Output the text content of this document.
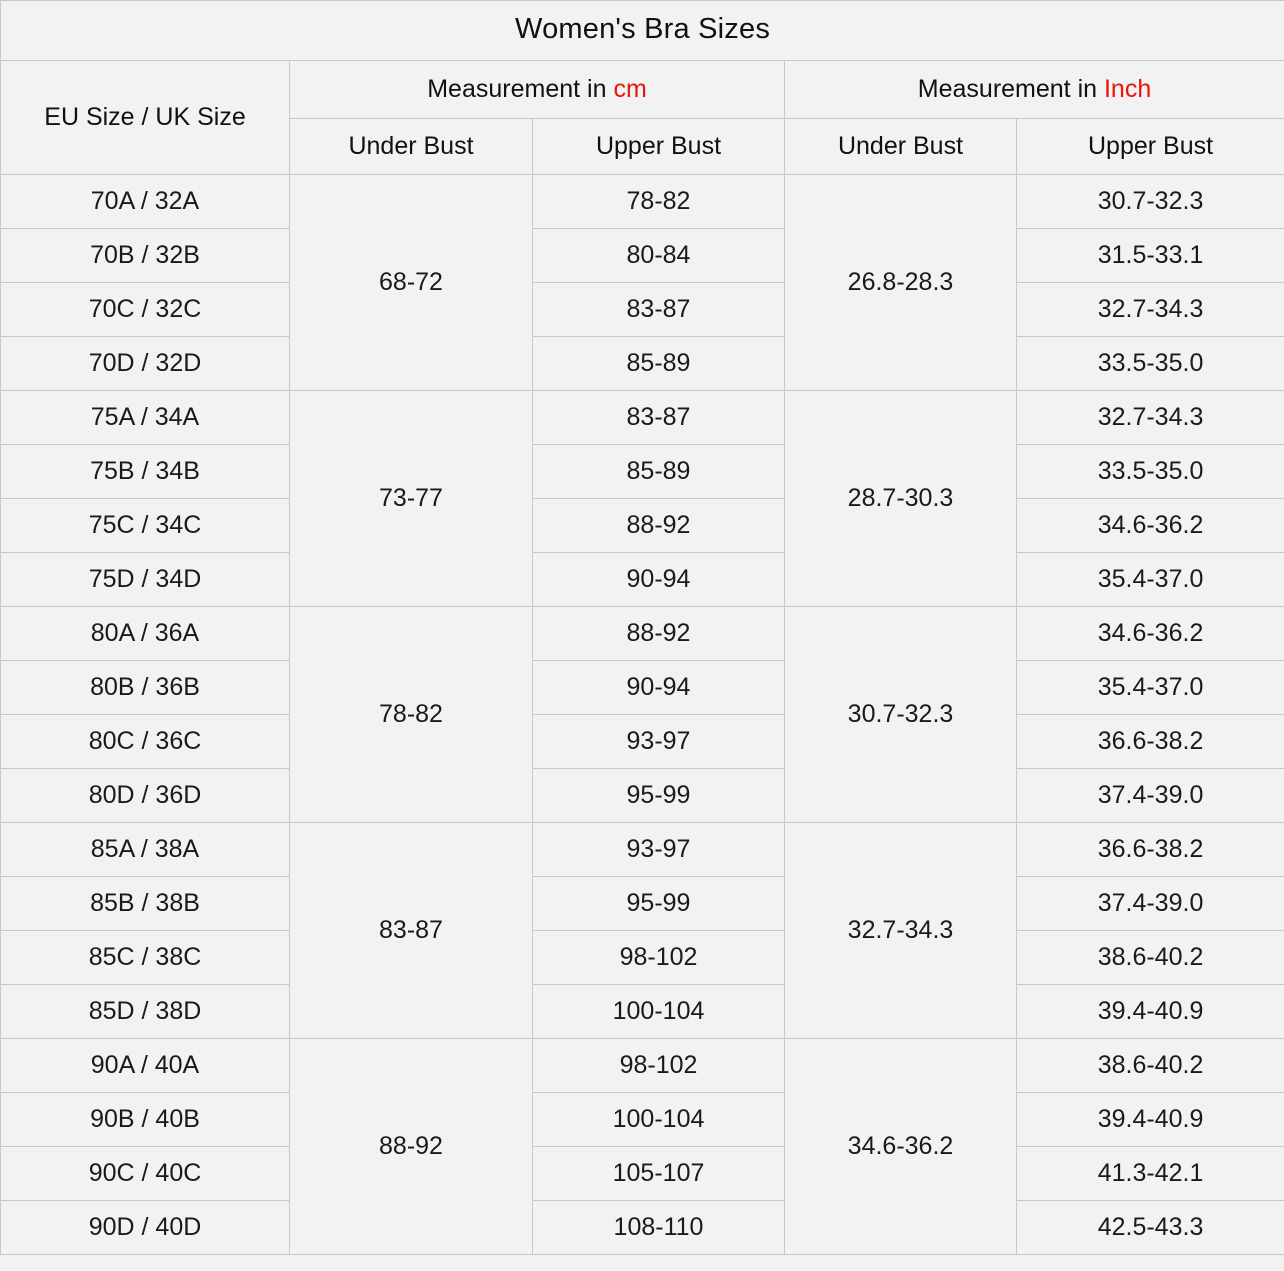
Women's Bra Sizes				
EU Size / UK Size	Measurement in cm		Measurement in Inch	
	Under Bust	Upper Bust	Under Bust	Upper Bust
70A / 32A	68-72	78-82	26.8-28.3	30.7-32.3
70B / 32B		80-84		31.5-33.1
70C / 32C		83-87		32.7-34.3
70D / 32D		85-89		33.5-35.0
75A / 34A	73-77	83-87	28.7-30.3	32.7-34.3
75B / 34B		85-89		33.5-35.0
75C / 34C		88-92		34.6-36.2
75D / 34D		90-94		35.4-37.0
80A / 36A	78-82	88-92	30.7-32.3	34.6-36.2
80B / 36B		90-94		35.4-37.0
80C / 36C		93-97		36.6-38.2
80D / 36D		95-99		37.4-39.0
85A / 38A	83-87	93-97	32.7-34.3	36.6-38.2
85B / 38B		95-99		37.4-39.0
85C / 38C		98-102		38.6-40.2
85D / 38D		100-104		39.4-40.9
90A / 40A	88-92	98-102	34.6-36.2	38.6-40.2
90B / 40B		100-104		39.4-40.9
90C / 40C		105-107		41.3-42.1
90D / 40D		108-110		42.5-43.3
